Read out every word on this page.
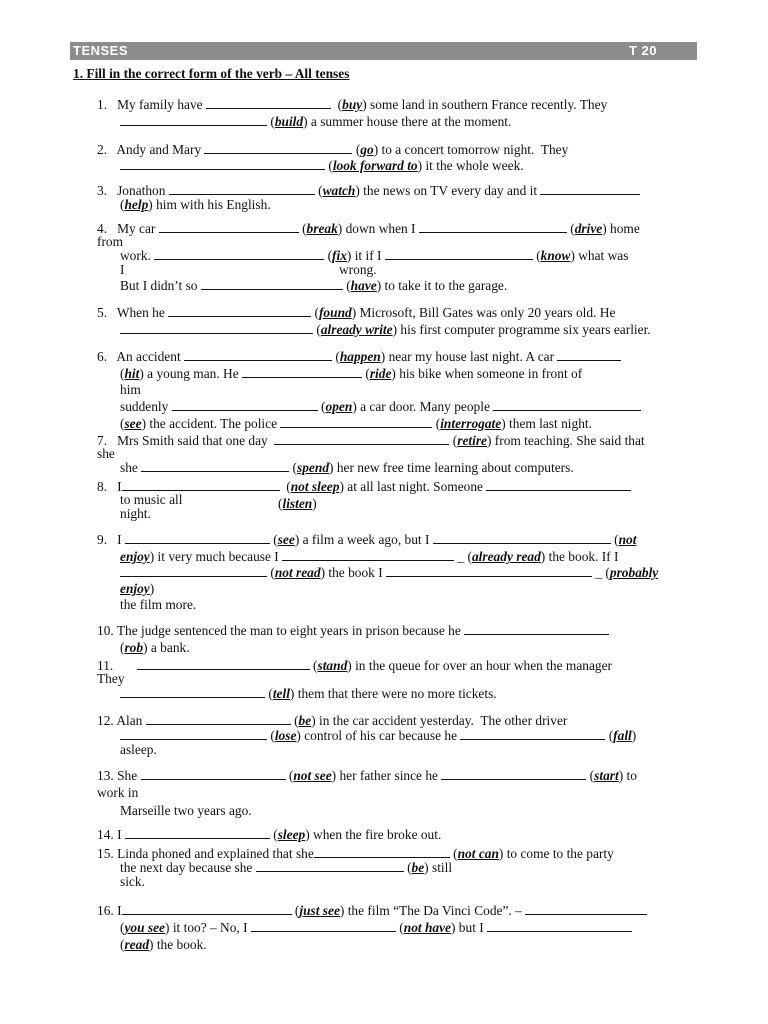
TENSES	T 20
1. Fill in the correct form of the verb – All tenses
1.   My family have	(buy) some land in southern France recently. They
(build) a summer house there at the moment.
2.   Andy and Mary	(go) to a concert tomorrow night.  They
(look forward to) it the whole week.
3.   Jonathon	(watch) the news on TV every day and it
(help) him with his English.
4.   My car	(break) down when I	(drive) home
from
work.	(fix) it if I	(know) what was
I	wrong.
But I didn’t so	(have) to take it to the garage.
5.   When he	(found) Microsoft, Bill Gates was only 20 years old. He
(already write) his first computer programme six years earlier.
6.   An accident	(happen) near my house last night. A car
(hit) a young man. He	(ride) his bike when someone in front of
him
suddenly	(open) a car door. Many people
(see) the accident. The police	(interrogate) them last night.
7.   Mrs Smith said that one day	(retire) from teaching. She said that
she
she	(spend) her new free time learning about computers.
8.   I	(not sleep) at all last night. Someone
to music all	(listen)
night.
9.   I	(see) a film a week ago, but I	(not
enjoy) it very much because I	_ (already read) the book. If I
(not read) the book I	_ (probably
enjoy)
the film more.
10. The judge sentenced the man to eight years in prison because he
(rob) a bank.
11.	(stand) in the queue for over an hour when the manager
They
(tell) them that there were no more tickets.
12. Alan	(be) in the car accident yesterday.  The other driver
(lose) control of his car because he	(fall)
asleep.
13. She	(not see) her father since he	(start) to
work in
Marseille two years ago.
14. I	(sleep) when the fire broke out.
15. Linda phoned and explained that she	(not can) to come to the party
the next day because she	(be) still
sick.
16. I	(just see) the film “The Da Vinci Code”. –
(you see) it too? – No, I	(not have) but I
(read) the book.
